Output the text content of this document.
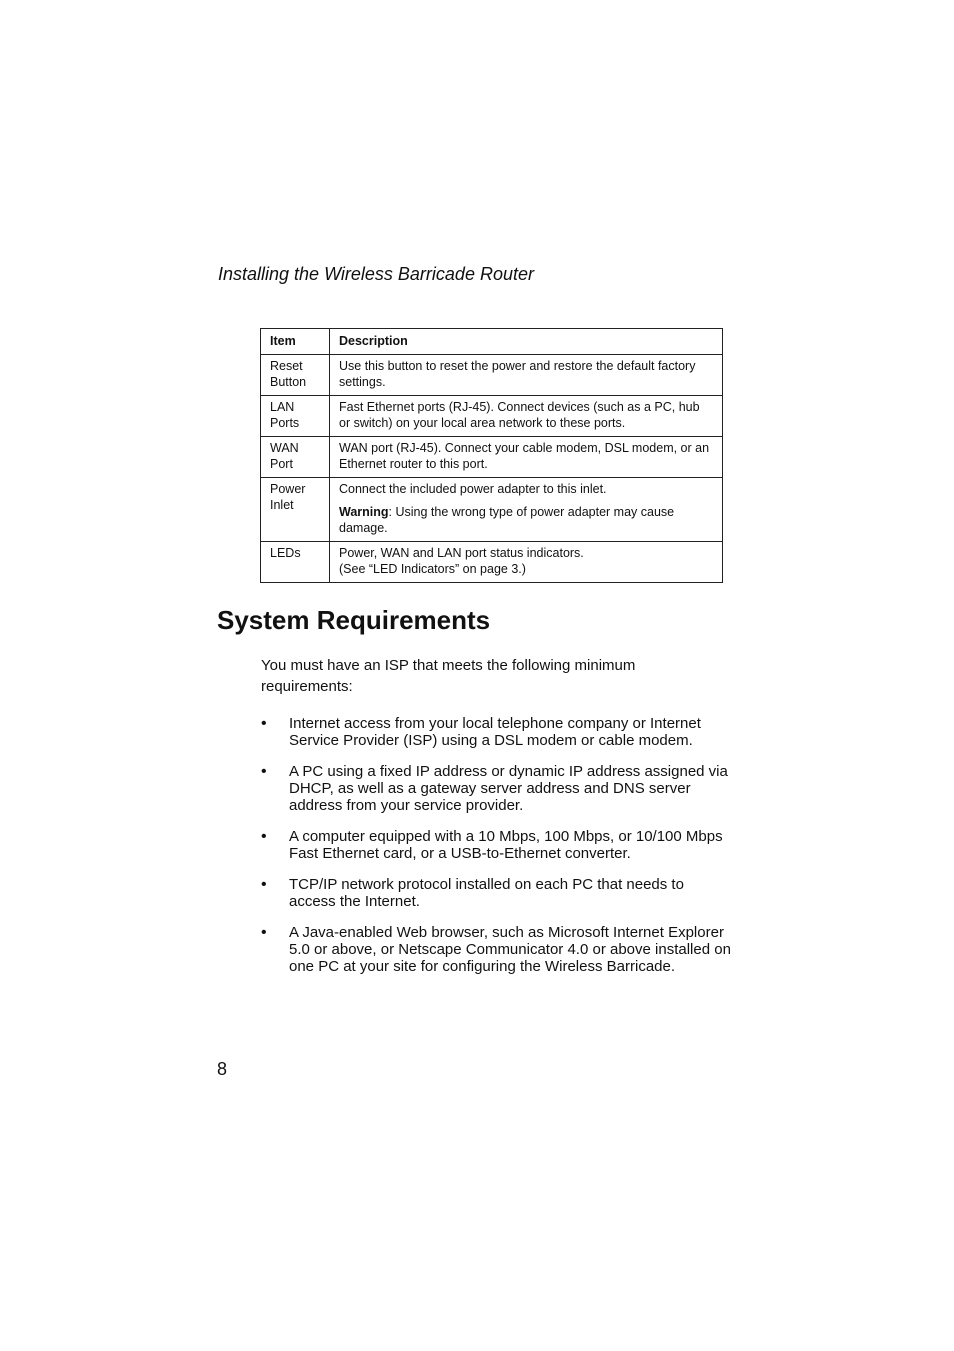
Installing the Wireless Barricade Router
Item	Description
Reset Button	Use this button to reset the power and restore the default factory settings.

LAN Ports	Fast Ethernet ports (RJ-45). Connect devices (such as a PC, hub or switch) on your local area network to these ports.

WAN Port	WAN port (RJ-45). Connect your cable modem, DSL modem, or an Ethernet router to this port.

Power Inlet	Connect the included power adapter to this inlet.

Warning: Using the wrong type of power adapter may cause damage.

LEDs	Power, WAN and LAN port status indicators.
(See “LED Indicators” on page 3.)
System Requirements

You must have an ISP that meets the following minimum requirements:

• Internet access from your local telephone company or Internet Service Provider (ISP) using a DSL modem or cable modem.
• A PC using a fixed IP address or dynamic IP address assigned via DHCP, as well as a gateway server address and DNS server address from your service provider.
• A computer equipped with a 10 Mbps, 100 Mbps, or 10/100 Mbps Fast Ethernet card, or a USB-to-Ethernet converter.
• TCP/IP network protocol installed on each PC that needs to access the Internet.
• A Java-enabled Web browser, such as Microsoft Internet Explorer 5.0 or above, or Netscape Communicator 4.0 or above installed on one PC at your site for configuring the Wireless Barricade.
8
